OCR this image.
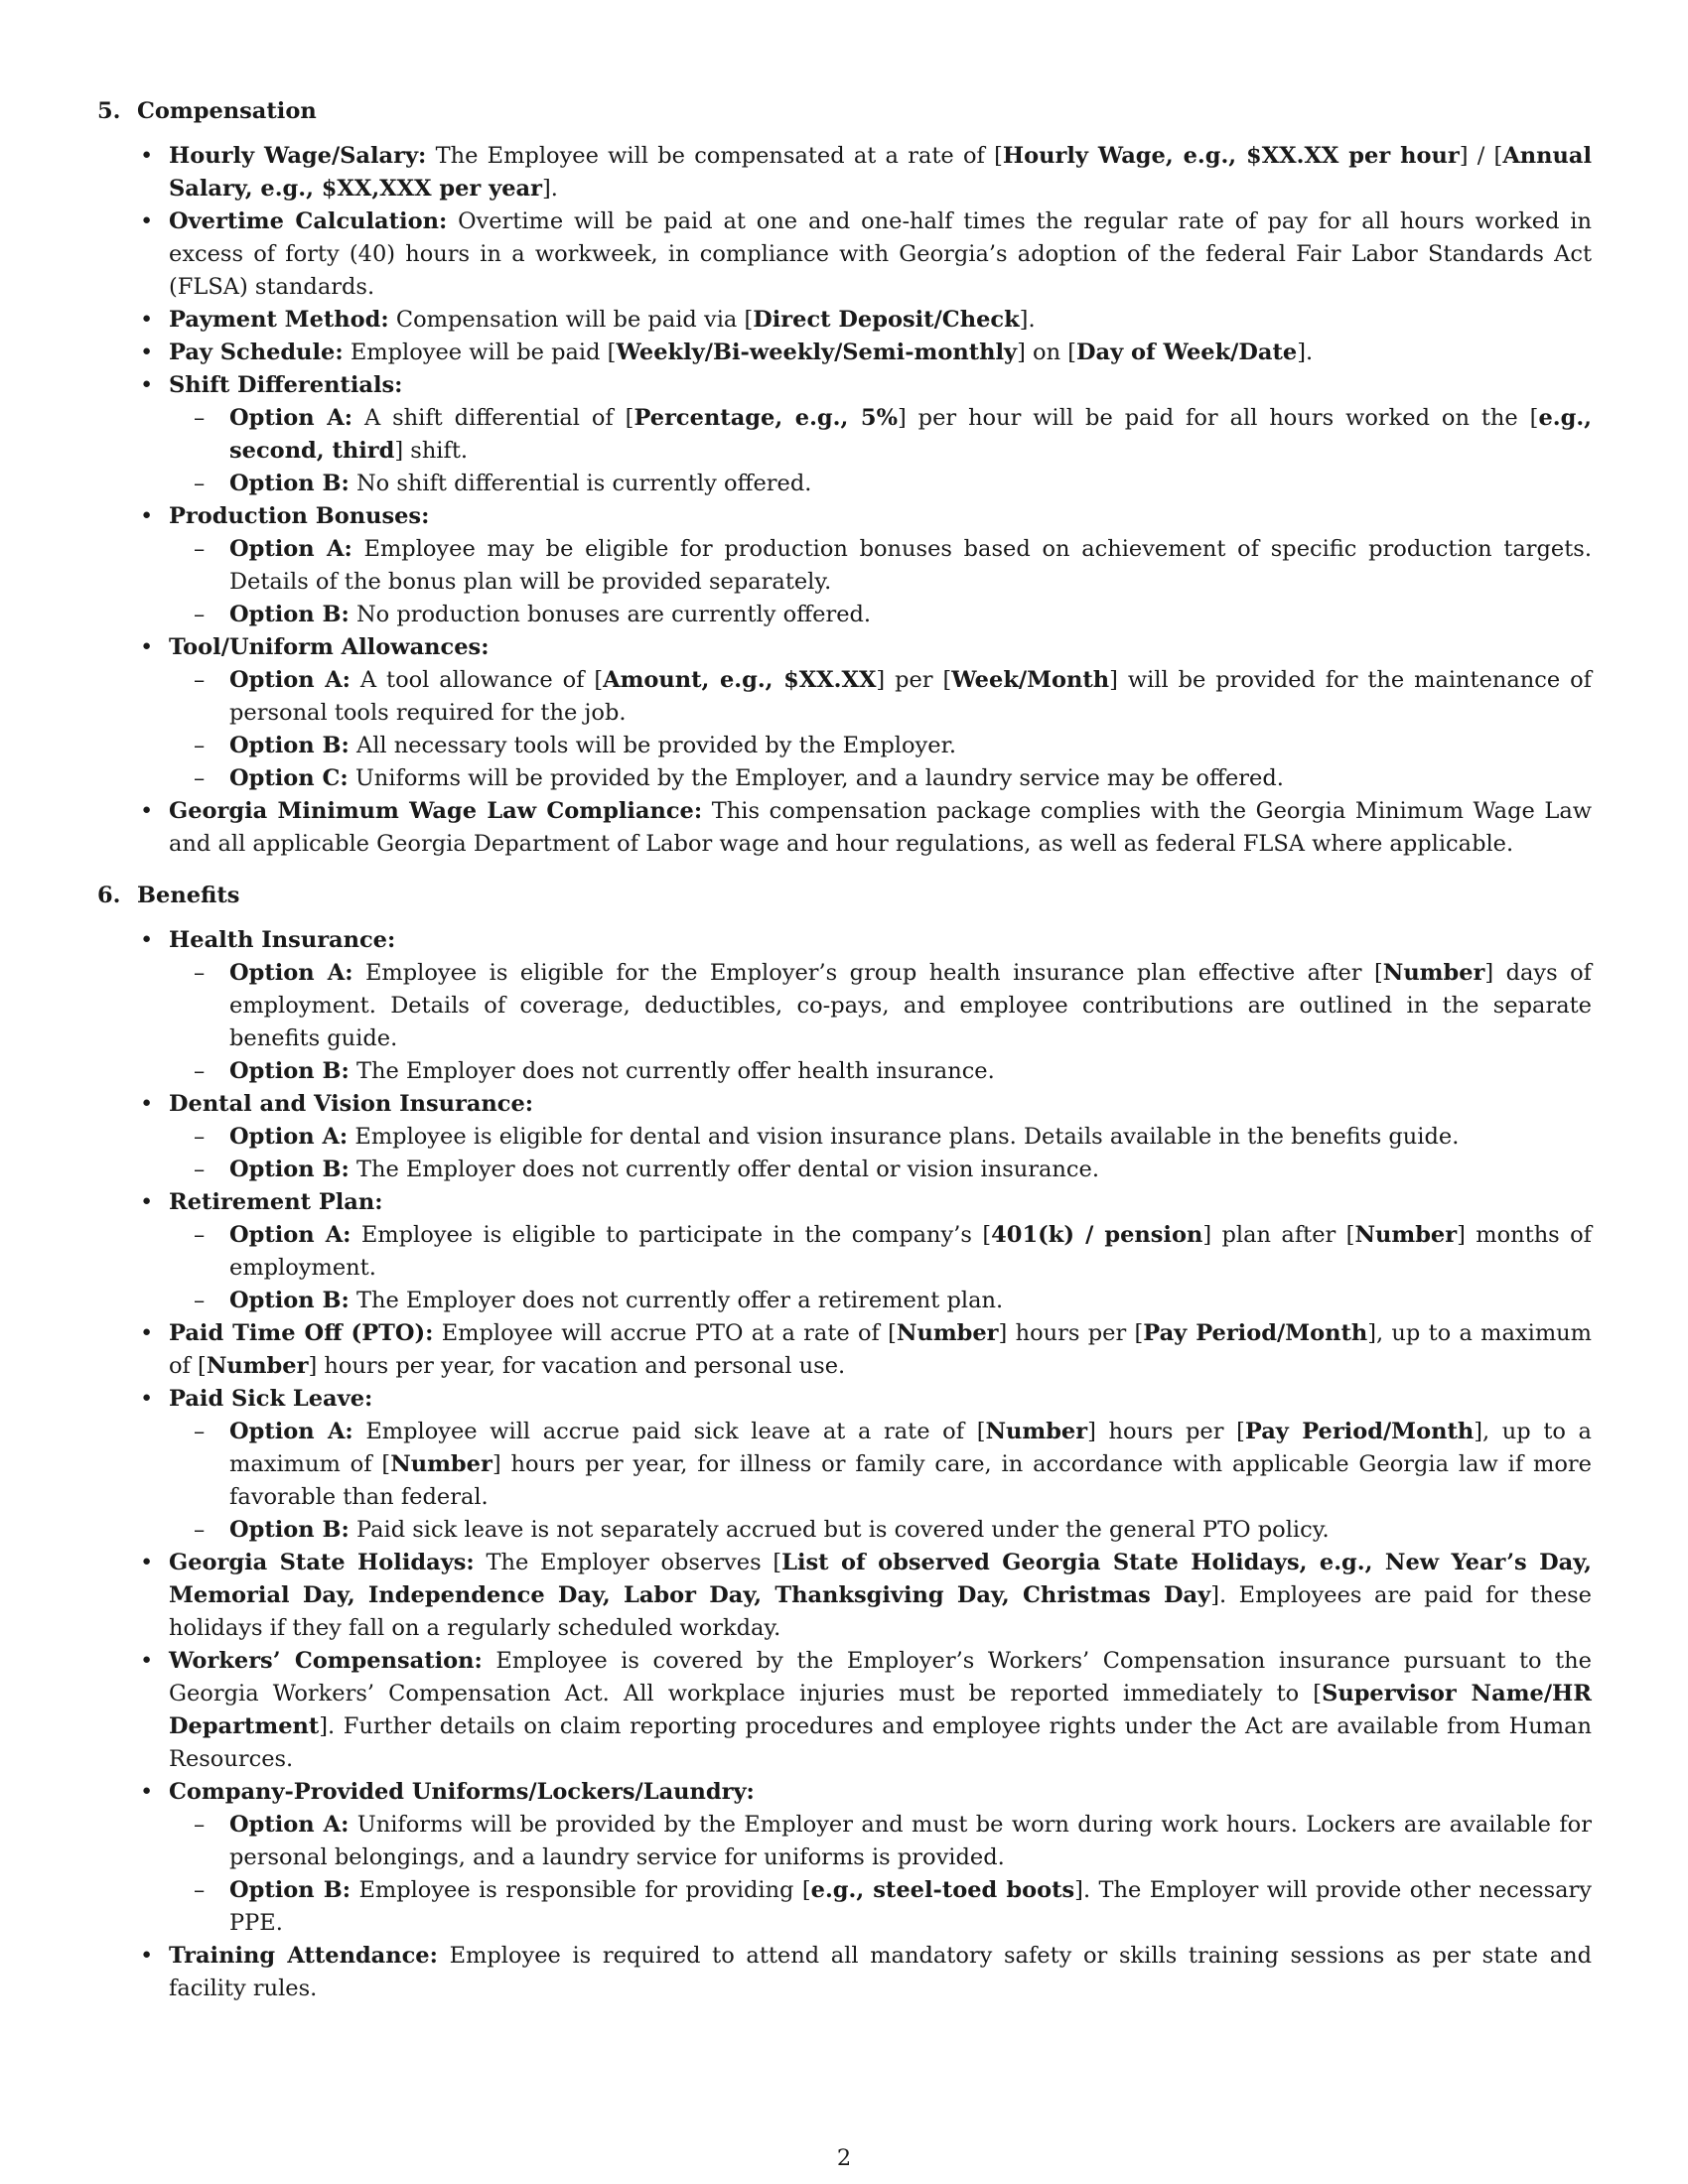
5. Compensation
• Hourly Wage/Salary: The Employee will be compensated at a rate of [Hourly Wage, e.g., $XX.XX per hour] / [Annual Salary, e.g., $XX,XXX per year].
• Overtime Calculation: Overtime will be paid at one and one-half times the regular rate of pay for all hours worked in excess of forty (40) hours in a workweek, in compliance with Georgia’s adoption of the federal Fair Labor Standards Act (FLSA) standards.
• Payment Method: Compensation will be paid via [Direct Deposit/Check].
• Pay Schedule: Employee will be paid [Weekly/Bi-weekly/Semi-monthly] on [Day of Week/Date].
• Shift Differentials:
– Option A: A shift differential of [Percentage, e.g., 5%] per hour will be paid for all hours worked on the [e.g., second, third] shift.
– Option B: No shift differential is currently offered.
• Production Bonuses:
– Option A: Employee may be eligible for production bonuses based on achievement of specific production targets. Details of the bonus plan will be provided separately.
– Option B: No production bonuses are currently offered.
• Tool/Uniform Allowances:
– Option A: A tool allowance of [Amount, e.g., $XX.XX] per [Week/Month] will be provided for the maintenance of personal tools required for the job.
– Option B: All necessary tools will be provided by the Employer.
– Option C: Uniforms will be provided by the Employer, and a laundry service may be offered.
• Georgia Minimum Wage Law Compliance: This compensation package complies with the Georgia Minimum Wage Law and all applicable Georgia Department of Labor wage and hour regulations, as well as federal FLSA where applicable.
6. Benefits
• Health Insurance:
– Option A: Employee is eligible for the Employer’s group health insurance plan effective after [Number] days of employment. Details of coverage, deductibles, co-pays, and employee contributions are outlined in the separate benefits guide.
– Option B: The Employer does not currently offer health insurance.
• Dental and Vision Insurance:
– Option A: Employee is eligible for dental and vision insurance plans. Details available in the benefits guide.
– Option B: The Employer does not currently offer dental or vision insurance.
• Retirement Plan:
– Option A: Employee is eligible to participate in the company’s [401(k) / pension] plan after [Number] months of employment.
– Option B: The Employer does not currently offer a retirement plan.
• Paid Time Off (PTO): Employee will accrue PTO at a rate of [Number] hours per [Pay Period/Month], up to a maximum of [Number] hours per year, for vacation and personal use.
• Paid Sick Leave:
– Option A: Employee will accrue paid sick leave at a rate of [Number] hours per [Pay Period/Month], up to a maximum of [Number] hours per year, for illness or family care, in accordance with applicable Georgia law if more favorable than federal.
– Option B: Paid sick leave is not separately accrued but is covered under the general PTO policy.
• Georgia State Holidays: The Employer observes [List of observed Georgia State Holidays, e.g., New Year’s Day, Memorial Day, Independence Day, Labor Day, Thanksgiving Day, Christmas Day]. Employees are paid for these holidays if they fall on a regularly scheduled workday.
• Workers’ Compensation: Employee is covered by the Employer’s Workers’ Compensation insurance pursuant to the Georgia Workers’ Compensation Act. All workplace injuries must be reported immediately to [Supervisor Name/HR Department]. Further details on claim reporting procedures and employee rights under the Act are available from Human Resources.
• Company-Provided Uniforms/Lockers/Laundry:
– Option A: Uniforms will be provided by the Employer and must be worn during work hours. Lockers are available for personal belongings, and a laundry service for uniforms is provided.
– Option B: Employee is responsible for providing [e.g., steel-toed boots]. The Employer will provide other necessary PPE.
• Training Attendance: Employee is required to attend all mandatory safety or skills training sessions as per state and facility rules.
2
